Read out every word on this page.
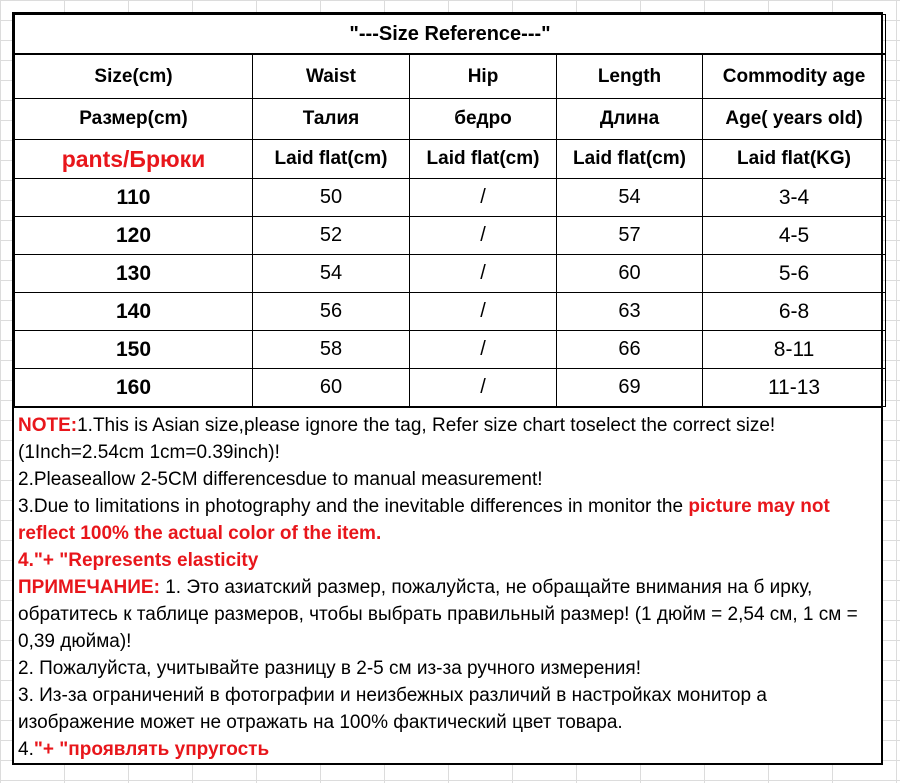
"---Size Reference---"				
Size(cm)	Waist	Hip	Length	Commodity age
Размер(cm)	Талия	бедро	Длина	Age( years old)
pants/Брюки	Laid flat(cm)	Laid flat(cm)	Laid flat(cm)	Laid flat(KG)
110	50	/	54	3-4
120	52	/	57	4-5
130	54	/	60	5-6
140	56	/	63	6-8
150	58	/	66	8-11
160	60	/	69	11-13

NOTE:1.This is Asian size,please ignore the tag, Refer size chart toselect the correct size!(1Inch=2.54cm 1cm=0.39inch)!

2.Pleaseallow 2-5CM differencesdue to manual measurement!

3.Due to limitations in photography and the inevitable differences in monitor the picture may not reflect 100% the actual color of the item.

4."+ "Represents elasticity

ПРИМЕЧАНИЕ: 1. Это азиатский размер, пожалуйста, не обращайте внимания на б ирку, обратитесь к таблице размеров, чтобы выбрать правильный размер! (1 дюйм = 2,54 см, 1 см = 0,39 дюйма)!

2. Пожалуйста, учитывайте разницу в 2-5 см из-за ручного измерения!

3. Из-за ограничений в фотографии и неизбежных различий в настройках монитор а изображение может не отражать на 100% фактический цвет товара.

4."+ "проявлять упругость
